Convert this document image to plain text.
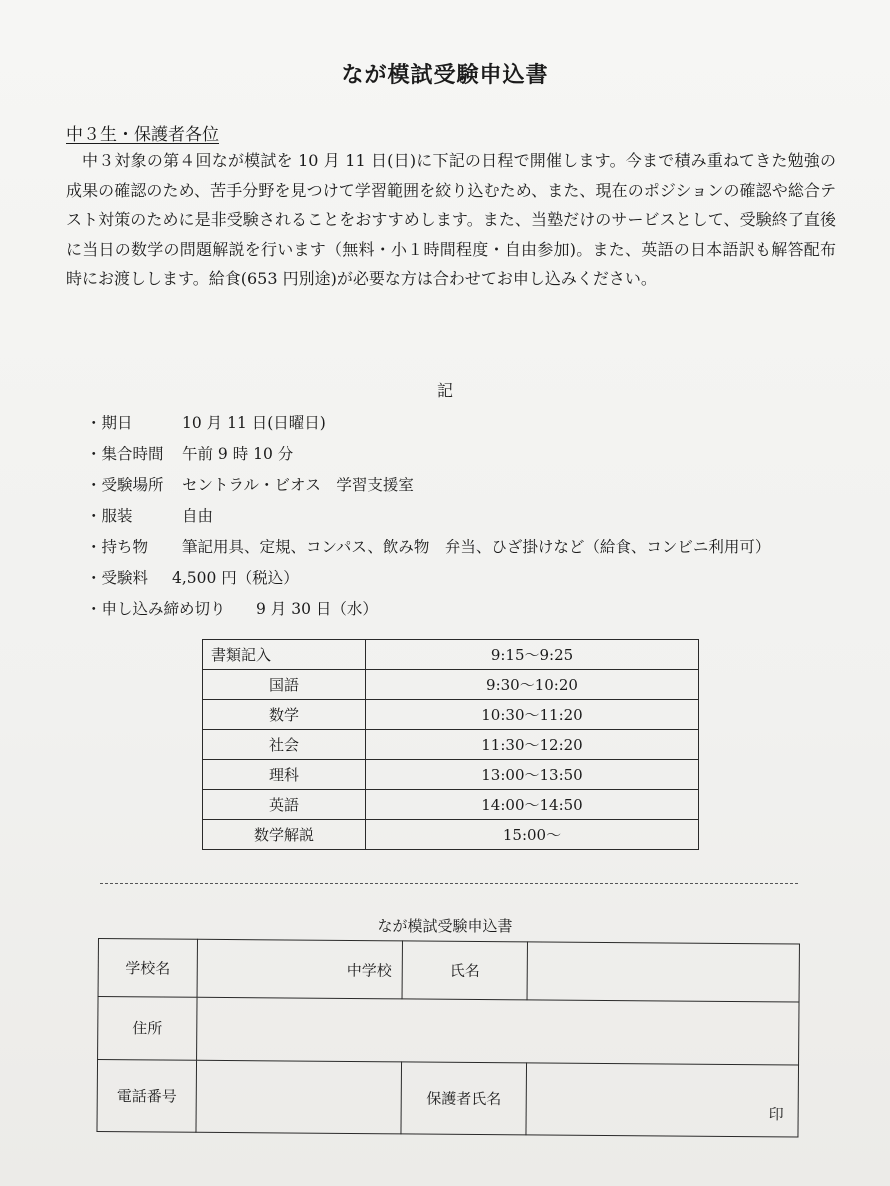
なが模試受験申込書
中３生・保護者各位

中３対象の第４回なが模試を 10 月 11 日(日)に下記の日程で開催します。今まで積み重ねてきた勉強の成果の確認のため、苦手分野を見つけて学習範囲を絞り込むため、また、現在のポジションの確認や総合テスト対策のために是非受験されることをおすすめします。また、当塾だけのサービスとして、受験終了直後に当日の数学の問題解説を行います（無料・小１時間程度・自由参加)。また、英語の日本語訳も解答配布時にお渡しします。給食(653 円別途)が必要な方は合わせてお申し込みください。

記
・期日	10 月 11 日(日曜日)
・集合時間 午前 9 時 10 分
・受験場所 セントラル・ビオス　学習支援室
・服装	自由
・持ち物 筆記用具、定規、コンパス、飲み物　弁当、ひざ掛けなど（給食、コンビニ利用可）
・受験料 4,500 円（税込）
・申し込み締め切り 9 月 30 日（水）
書類記入	9:15～9:25
国語	9:30～10:20
数学	10:30～11:20
社会	11:30～12:20
理科	13:00～13:50
英語	14:00～14:50
数学解説	15:00～
なが模試受験申込書
学校名	中学校	氏名	
住所			
電話番号		保護者氏名	印
